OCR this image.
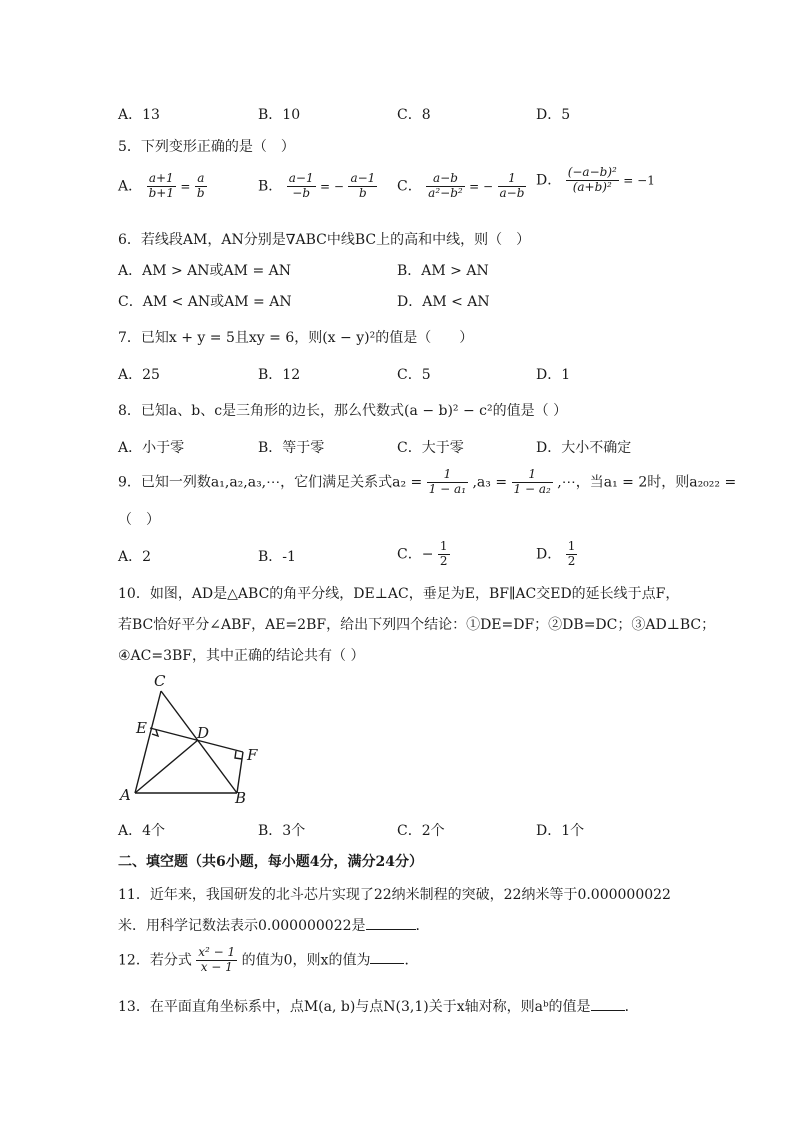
A．13	B．10	C．8	D．5
5．下列变形正确的是（　）
A． $\frac{a+1}{b+1} = \frac{a}{b}$	B． $\frac{a-1}{-b}$ = − $\frac{a-1}{b}$ C． $\frac{a-b}{\text{a²−b²}}$ = − $\frac{1}{a-b}$ D． $\frac{\text{(−a−b)²}}{\text{(a+b)²}} = -1$
6．若线段AM，AN分别是∇ABC中线BC上的高和中线，则（　）
A．AM > AN或AM = AN	B．AM > AN
C．AM < AN或AM = AN	D．AM < AN
7．已知x + y = 5且xy = 6，则(x − y)²的值是（　　）
A．25	B．12	C．5	D．1
8．已知a、b、c是三角形的边长，那么代数式(a − b)² − c²的值是（ ）
A．小于零	B．等于零	C．大于零	D．大小不确定
9．已知一列数a₁,a₂,a₃,⋯，它们满足关系式$a_2 = \frac{1}{\text{1 − a₁}} ,a_3 = \frac{1}{\text{1 − a₂}}$ ,⋯，当a₁ = 2时，则a₂₀₂₂ =
（　）
A．2	B．-1	C．− $\frac{1}{2}$	D． $\frac{1}{2}$
10．如图，AD是△ABC的角平分线，DE⊥AC，垂足为E，BF∥AC交ED的延长线于点F，
若BC恰好平分∠ABF，AE=2BF，给出下列四个结论：①DE=DF；②DB=DC；③AD⊥BC；
④AC=3BF，其中正确的结论共有（ ）
C
E	D
F
A	B
A．4个	B．3个	C．2个	D．1个
二、填空题（共6小题，每小题4分，满分24分）
11．近年来，我国研发的北斗芯片实现了22纳米制程的突破，22纳米等于0.000000022
米．用科学记数法表示0.000000022是	．
12．若分式 $\frac{\text{x² − 1}}{x - 1}$ 的值为0，则x的值为 ．
13．在平面直角坐标系中，点M(a, b)与点N(3,1)关于x轴对称，则aᵇ的值是 ．
